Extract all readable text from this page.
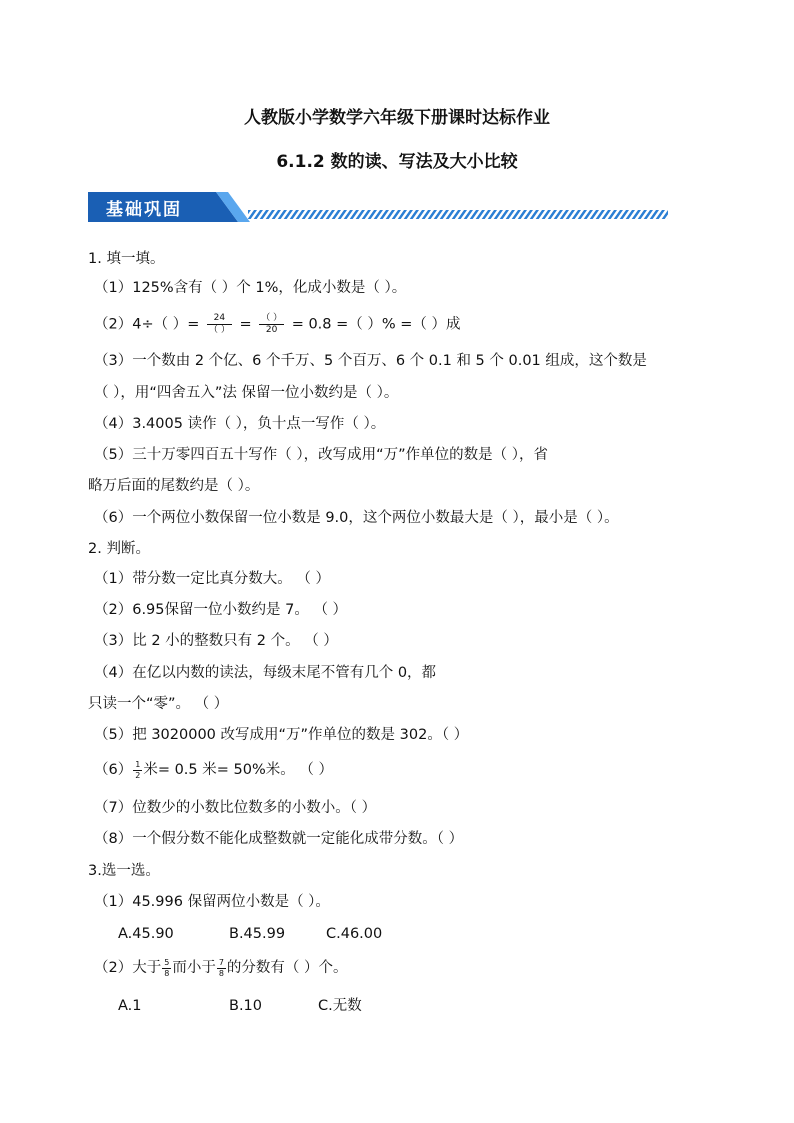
人教版小学数学六年级下册课时达标作业
6.1.2 数的读、写法及大小比较
基础巩固
1. 填一填。
（1）125%含有（ ）个 1%，化成小数是（ ）。
（2）4÷（ ）= $\frac{24}{( )} = \frac{( )}{20} = 0.8$ =（ ）% =（ ）成
（3）一个数由 2 个亿、6 个千万、5 个百万、6 个 0.1 和 5 个 0.01 组成，这个数是
（ ），用“四舍五入”法 保留一位小数约是（ ）。
（4）3.4005 读作（ ），负十点一写作（ ）。
（5）三十万零四百五十写作（ ），改写成用“万”作单位的数是（ ），省
略万后面的尾数约是（ ）。
（6）一个两位小数保留一位小数是 9.0，这个两位小数最大是（ ），最小是（ ）。
2. 判断。
（1）带分数一定比真分数大。 （ ）
（2）6.9̇5保留一位小数约是 7。 （ ）
（3）比 2 小的整数只有 2 个。 （ ）
（4）在亿以内数的读法，每级末尾不管有几个 0，都
只读一个“零”。 （ ）
（5）把 3020000 改写成用“万”作单位的数是 302。（ ）
$(6) \frac{1}{2}$ 米= 0.5 米= 50%米。 （ ）
（7）位数少的小数比位数多的小数小。（ ）
（8）一个假分数不能化成整数就一定能化成带分数。（ ）
3.选一选。
（1）45.996 保留两位小数是（ ）。
A.45.90	B.45.99	C.46.00
（2）大于 $\frac{5}{8}$ 而小于 $\frac{7}{8}$ 的分数有（ ）个。
A.1	B.10	C.无数
